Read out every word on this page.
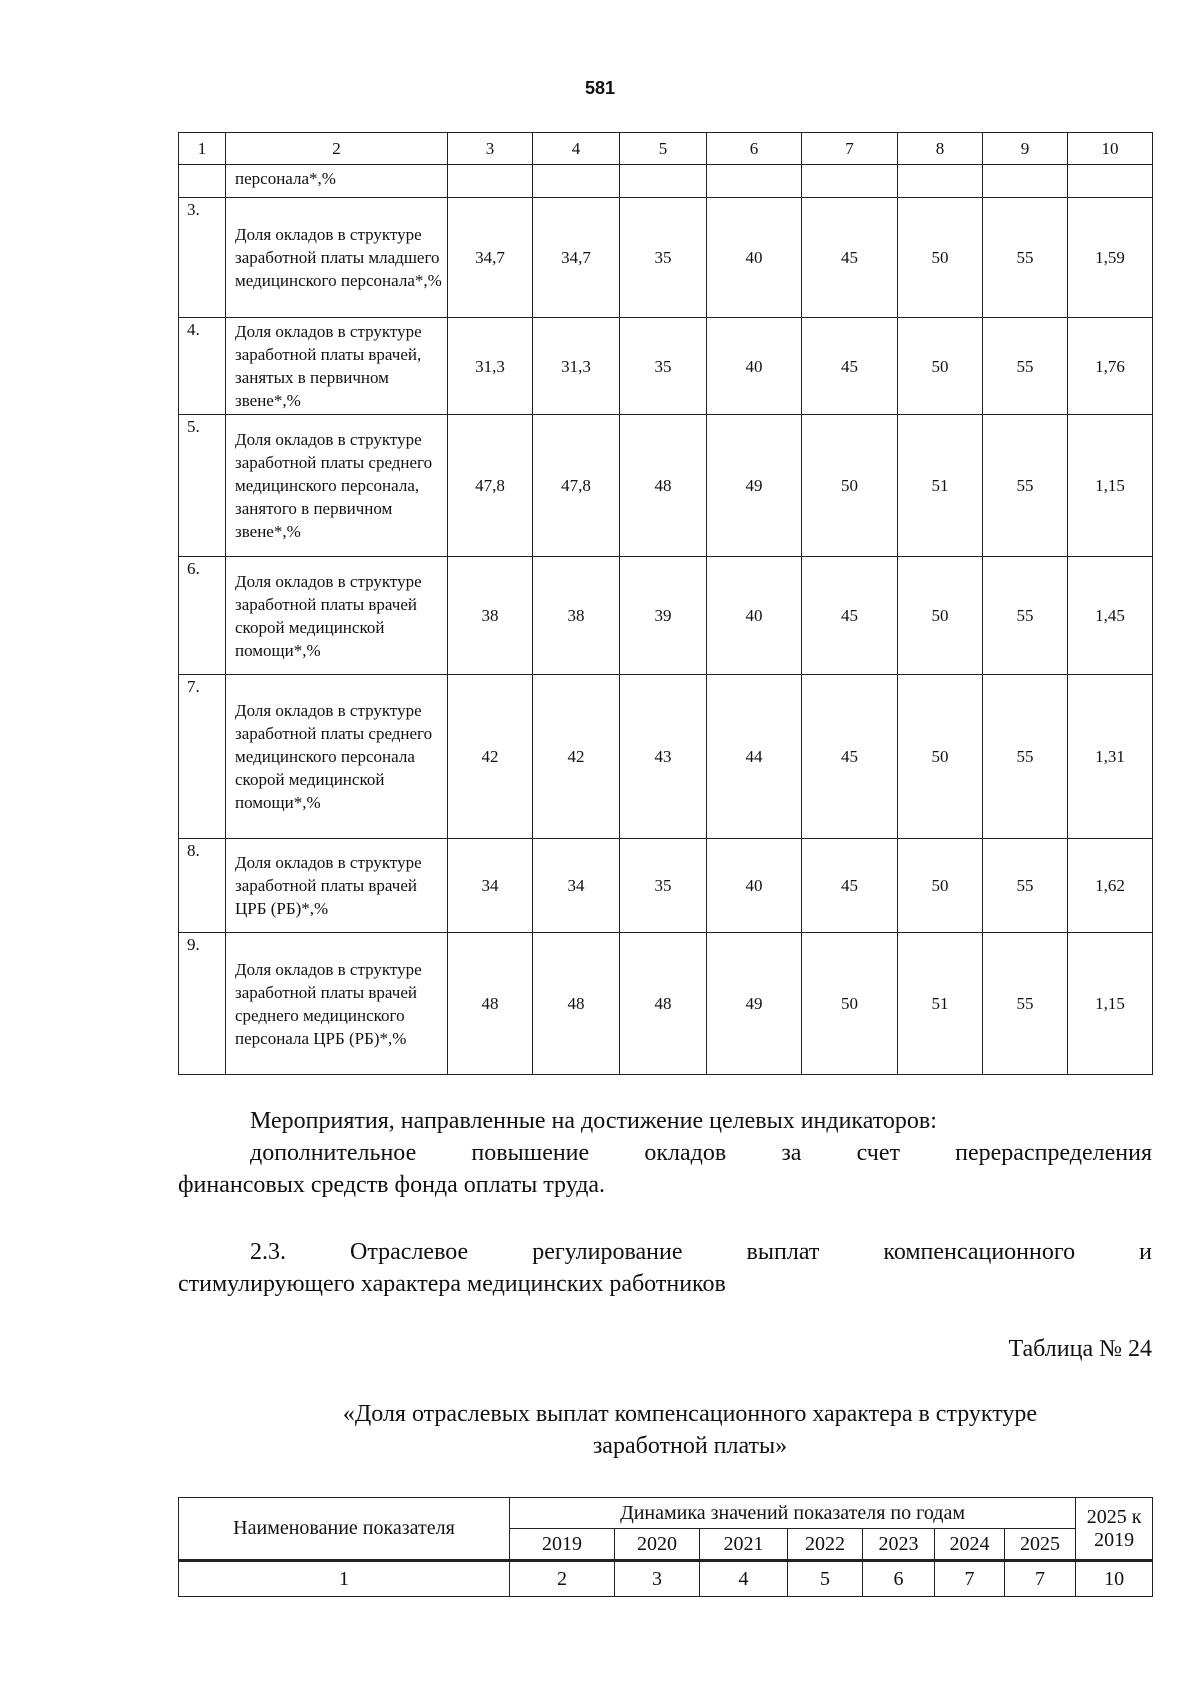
581
1	2	3	4	5	6	7	8	9	10
	персонала*,%								
3.	Доля окладов в структуре заработной платы младшего медицинского персонала*,%	34,7	34,7	35	40	45	50	55	1,59
4.	Доля окладов в структуре заработной платы врачей, занятых в первичном звене*,%	31,3	31,3	35	40	45	50	55	1,76
5.	Доля окладов в структуре заработной платы среднего медицинского персонала, занятого в первичном звене*,%	47,8	47,8	48	49	50	51	55	1,15
6.	Доля окладов в структуре заработной платы врачей скорой медицинской помощи*,%	38	38	39	40	45	50	55	1,45
7.	Доля окладов в структуре заработной платы среднего медицинского персонала скорой медицинской помощи*,%	42	42	43	44	45	50	55	1,31
8.	Доля окладов в структуре заработной платы врачей ЦРБ (РБ)*,%	34	34	35	40	45	50	55	1,62
9.	Доля окладов в структуре заработной платы врачей среднего медицинского персонала ЦРБ (РБ)*,%	48	48	48	49	50	51	55	1,15
Мероприятия, направленные на достижение целевых индикаторов:
дополнительное повышение окладов за счет перераспределения
финансовых средств фонда оплаты труда.
2.3. Отраслевое регулирование выплат компенсационного и
стимулирующего характера медицинских работников
Таблица № 24
«Доля отраслевых выплат компенсационного характера в структуре
заработной платы»
Наименование показателя	Динамика значений показателя по годам							2025 к 2019
	2019	2020	2021	2022	2023	2024	2025	
1	2	3	4	5	6	7	7	10
